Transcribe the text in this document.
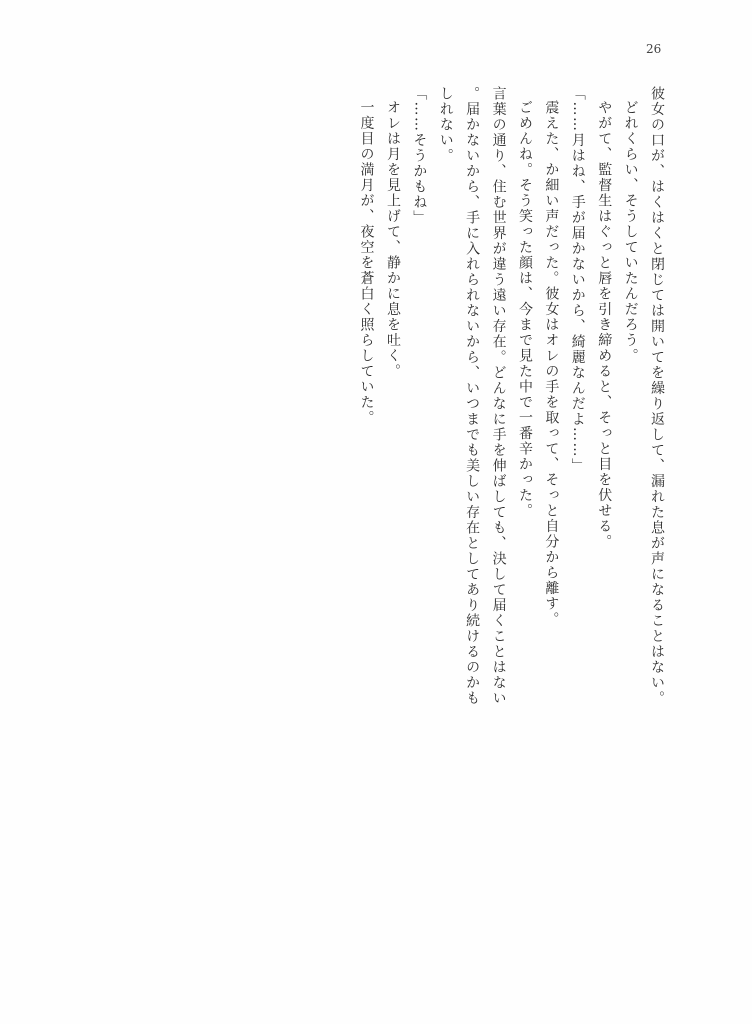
26

彼女の口が、はくはくと閉じては開いてを繰り返して、漏れた息が声になることはない。

どれくらい、そうしていたんだろう。

やがて、監督生はぐっと唇を引き締めると、そっと目を伏せる。

「……月はね、手が届かないから、綺麗なんだよ……」

震えた、か細い声だった。彼女はオレの手を取って、そっと自分から離す。

ごめんね。そう笑った顔は、今まで見た中で一番辛かった。

言葉の通り、住む世界が違う遠い存在。どんなに手を伸ばしても、決して届くことはない。届かないから、手に入れられないから、いつまでも美しい存在としてあり続けるのかもしれない。

「……そうかもね」

オレは月を見上げて、静かに息を吐く。

一度目の満月が、夜空を蒼白く照らしていた。
